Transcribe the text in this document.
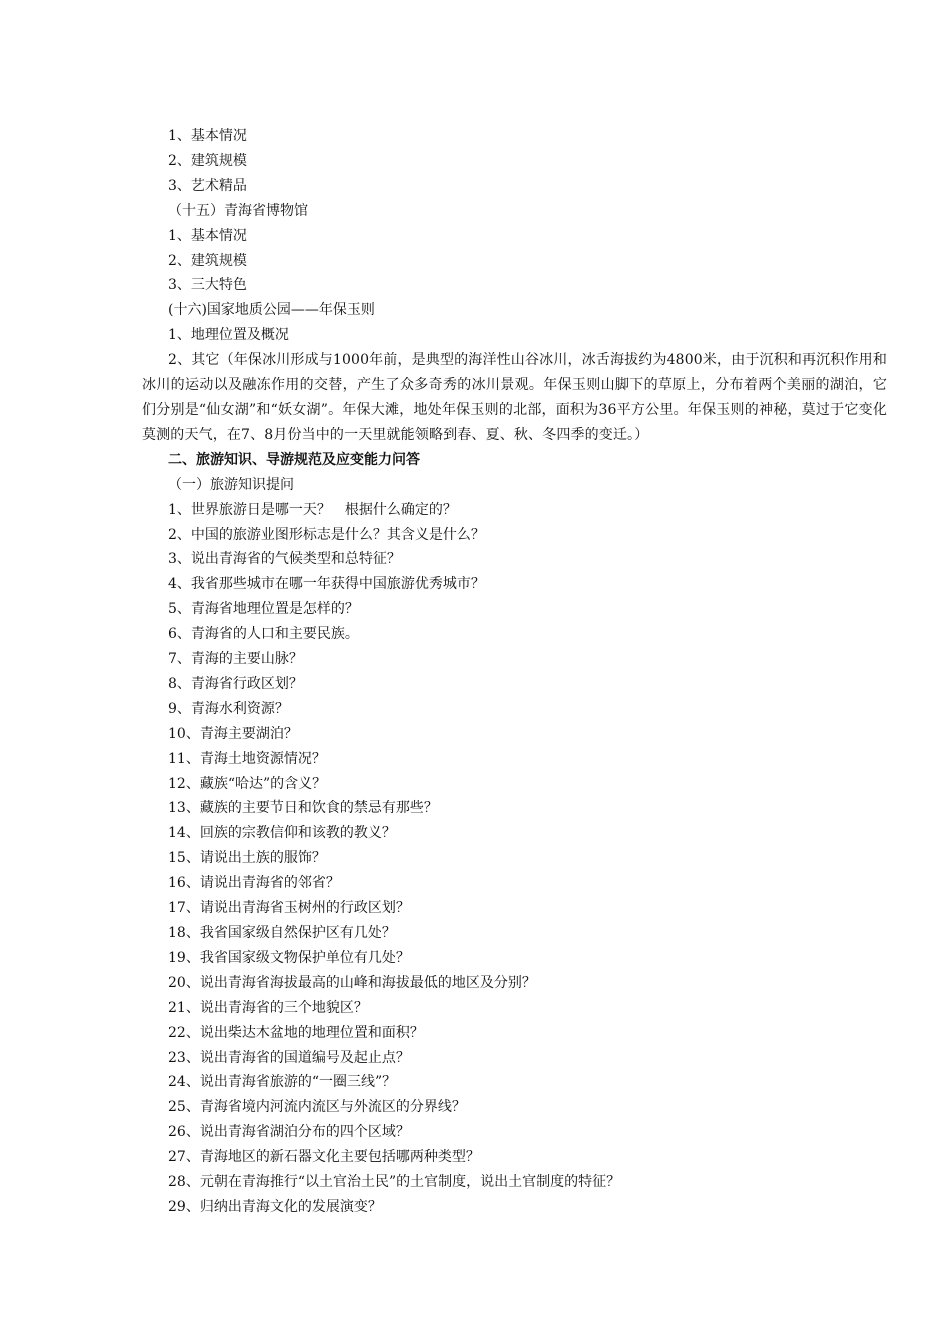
1、基本情况

2、建筑规模

3、艺术精品

（十五）青海省博物馆

1、基本情况

2、建筑规模

3、三大特色

(十六)国家地质公园——年保玉则

1、地理位置及概况

2、其它（年保冰川形成与1000年前，是典型的海洋性山谷冰川，冰舌海拔约为4800米，由于沉积和再沉积作用和冰川的运动以及融冻作用的交替，产生了众多奇秀的冰川景观。年保玉则山脚下的草原上，分布着两个美丽的湖泊，它们分别是“仙女湖”和“妖女湖”。年保大滩，地处年保玉则的北部，面积为36平方公里。年保玉则的神秘，莫过于它变化莫测的天气，在7、8月份当中的一天里就能领略到春、夏、秋、冬四季的变迁。）

二、旅游知识、导游规范及应变能力问答

（一）旅游知识提问

1、世界旅游日是哪一天？　根据什么确定的？

2、中国的旅游业图形标志是什么？其含义是什么？

3、说出青海省的气候类型和总特征？

4、我省那些城市在哪一年获得中国旅游优秀城市？

5、青海省地理位置是怎样的？

6、青海省的人口和主要民族。

7、青海的主要山脉？

8、青海省行政区划？

9、青海水利资源？

10、青海主要湖泊？

11、青海土地资源情况？

12、藏族“哈达”的含义？

13、藏族的主要节日和饮食的禁忌有那些？

14、回族的宗教信仰和该教的教义？

15、请说出土族的服饰？

16、请说出青海省的邻省？

17、请说出青海省玉树州的行政区划？

18、我省国家级自然保护区有几处？

19、我省国家级文物保护单位有几处？

20、说出青海省海拔最高的山峰和海拔最低的地区及分别？

21、说出青海省的三个地貌区？

22、说出柴达木盆地的地理位置和面积？

23、说出青海省的国道编号及起止点？

24、说出青海省旅游的“一圈三线”？

25、青海省境内河流内流区与外流区的分界线？

26、说出青海省湖泊分布的四个区域？

27、青海地区的新石器文化主要包括哪两种类型？

28、元朝在青海推行“以土官治土民”的土官制度，说出土官制度的特征？

29、归纳出青海文化的发展演变？
